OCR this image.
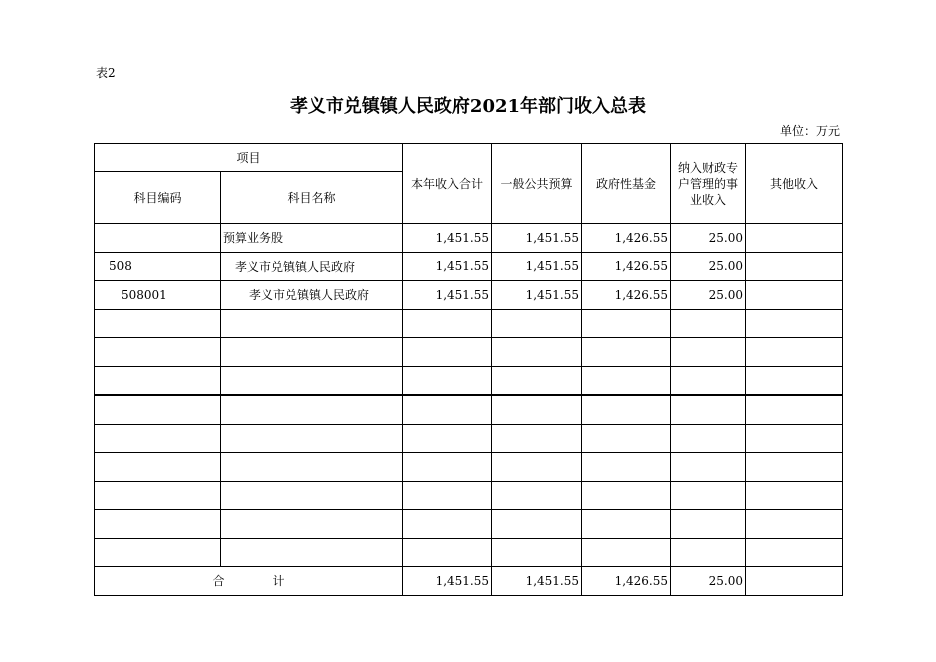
表2
孝义市兑镇镇人民政府2021年部门收入总表
单位：万元
项目		本年收入合计	一般公共预算	政府性基金	纳入财政专户管理的事业收入	其他收入
科目编码	科目名称					
	预算业务股	1,451.55	1,451.55	1,426.55	25.00	
508	孝义市兑镇镇人民政府	1,451.55	1,451.55	1,426.55	25.00	
508001	孝义市兑镇镇人民政府	1,451.55	1,451.55	1,426.55	25.00	

合 计		1,451.55	1,451.55	1,426.55	25.00	
